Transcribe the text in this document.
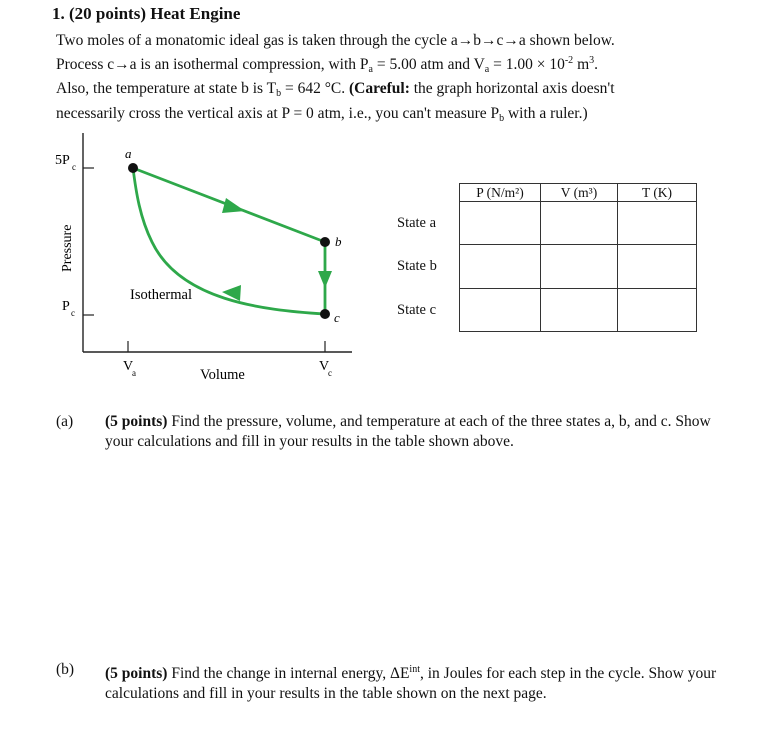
1. (20 points) Heat Engine
Two moles of a monatomic ideal gas is taken through the cycle a→b→c→a shown below.
Process c→a is an isothermal compression, with $P_a = 5.00$ atm and $V_a = 1.00 \times 10^{-2}$ $m^3$.
Also, the temperature at state b is $T_b = 642$ °C. (Careful: the graph horizontal axis doesn't
necessarily cross the vertical axis at P = 0 atm, i.e., you can't measure $P_b$ with a ruler.)
5P c
P c
V
a	V
c
Pressure
Volume
a
b
c
Isothermal
	P (N/m²)	V (m³)	T (K)
State a			
State b			
State c			
(a) (5 points) Find the pressure, volume, and temperature at each of the three states a, b, and c. Show your calculations and fill in your results in the table shown above.
(b) (5 points) Find the change in internal energy, $\Delta E^{int}$, in Joules for each step in the cycle. Show your calculations and fill in your results in the table shown on the next page.
